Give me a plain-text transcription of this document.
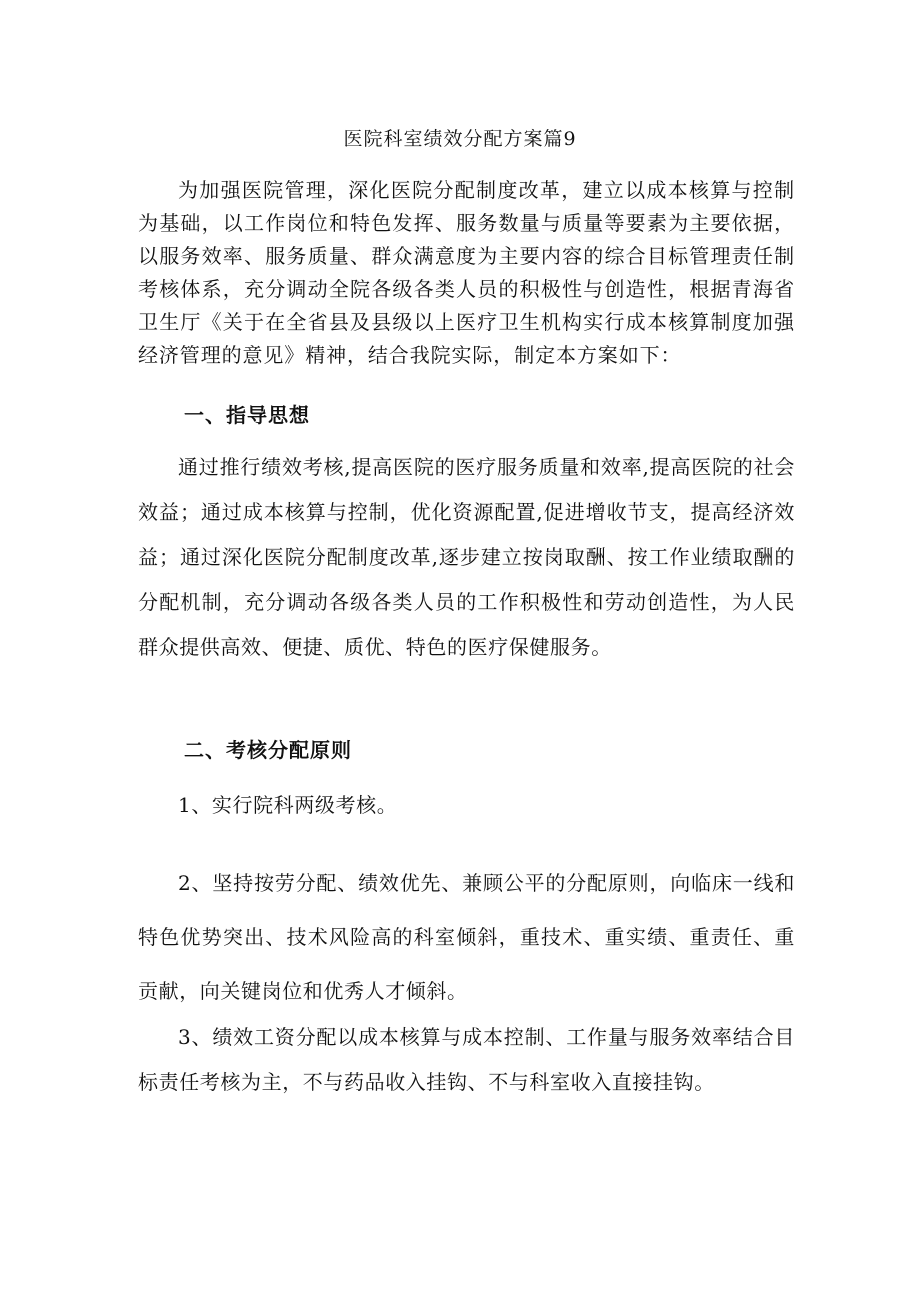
医院科室绩效分配方案篇9

为加强医院管理，深化医院分配制度改革，建立以成本核算与控制为基础，以工作岗位和特色发挥、服务数量与质量等要素为主要依据，以服务效率、服务质量、群众满意度为主要内容的综合目标管理责任制考核体系，充分调动全院各级各类人员的积极性与创造性，根据青海省卫生厅《关于在全省县及县级以上医疗卫生机构实行成本核算制度加强经济管理的意见》精神，结合我院实际，制定本方案如下：

一、指导思想

通过推行绩效考核,提高医院的医疗服务质量和效率,提高医院的社会效益；通过成本核算与控制，优化资源配置,促进增收节支，提高经济效益；通过深化医院分配制度改革,逐步建立按岗取酬、按工作业绩取酬的分配机制，充分调动各级各类人员的工作积极性和劳动创造性，为人民群众提供高效、便捷、质优、特色的医疗保健服务。

二、考核分配原则

1、实行院科两级考核。

2、坚持按劳分配、绩效优先、兼顾公平的分配原则，向临床一线和特色优势突出、技术风险高的科室倾斜，重技术、重实绩、重责任、重贡献，向关键岗位和优秀人才倾斜。

3、绩效工资分配以成本核算与成本控制、工作量与服务效率结合目标责任考核为主，不与药品收入挂钩、不与科室收入直接挂钩。
